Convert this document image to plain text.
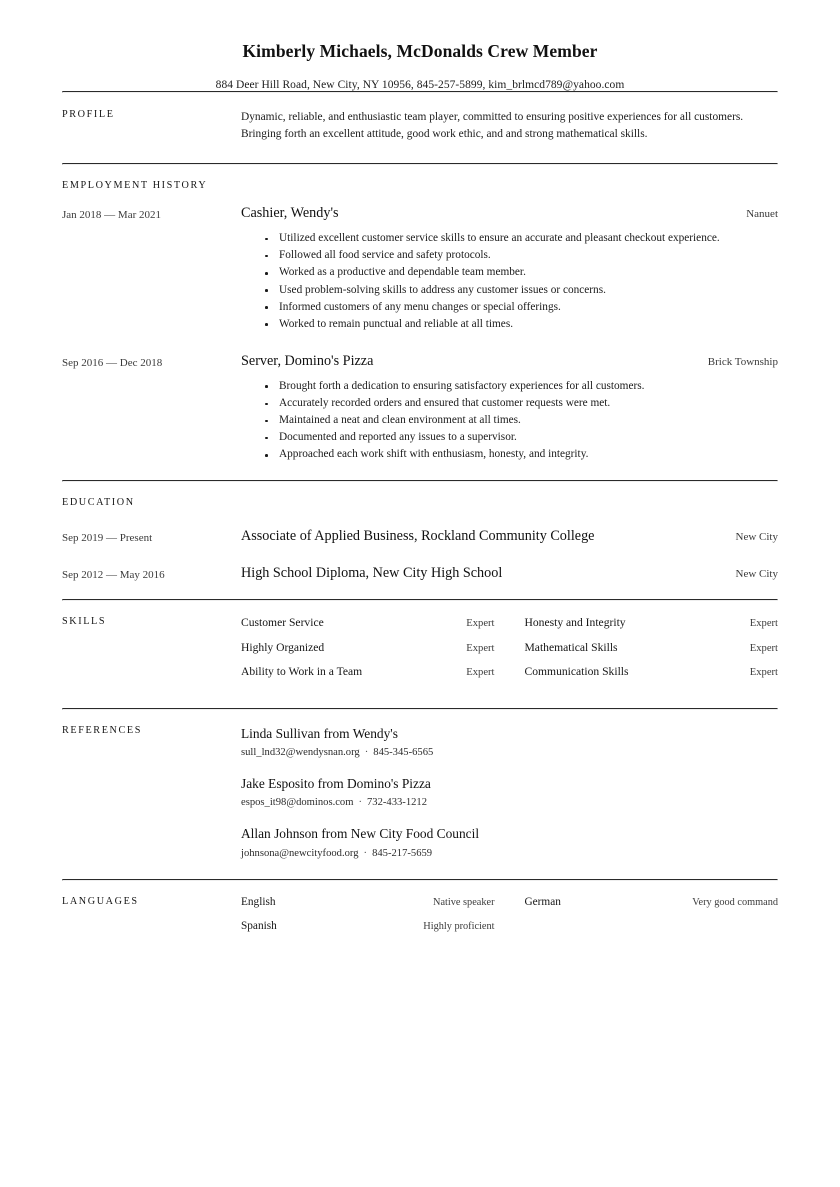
Kimberly Michaels, McDonalds Crew Member
884 Deer Hill Road, New City, NY 10956, 845-257-5899, kim_brlmcd789@yahoo.com
PROFILE	Dynamic, reliable, and enthusiastic team player, committed to ensuring positive experiences for all customers. Bringing forth an excellent attitude, good work ethic, and and strong mathematical skills.
EMPLOYMENT HISTORY
Jan 2018 — Mar 2021	Cashier, Wendy's	Nanuet
Utilized excellent customer service skills to ensure an accurate and pleasant checkout experience.
Followed all food service and safety protocols.
Worked as a productive and dependable team member.
Used problem-solving skills to address any customer issues or concerns.
Informed customers of any menu changes or special offerings.
Worked to remain punctual and reliable at all times.
Sep 2016 — Dec 2018	Server, Domino's Pizza	Brick Township
Brought forth a dedication to ensuring satisfactory experiences for all customers.
Accurately recorded orders and ensured that customer requests were met.
Maintained a neat and clean environment at all times.
Documented and reported any issues to a supervisor.
Approached each work shift with enthusiasm, honesty, and integrity.
EDUCATION
Sep 2019 — Present	Associate of Applied Business, Rockland Community College	New City
Sep 2012 — May 2016	High School Diploma, New City High School	New City
SKILLS	Customer Service	Expert	Honesty and Integrity	Expert
Highly Organized	Expert	Mathematical Skills	Expert
Ability to Work in a Team	Expert	Communication Skills	Expert
REFERENCES	Linda Sullivan from Wendy's
sull_lnd32@wendysnan.org · 845-345-6565
Jake Esposito from Domino's Pizza
espos_it98@dominos.com · 732-433-1212
Allan Johnson from New City Food Council
johnsona@newcityfood.org · 845-217-5659
LANGUAGES	English	Native speaker	German	Very good command
Spanish	Highly proficient
